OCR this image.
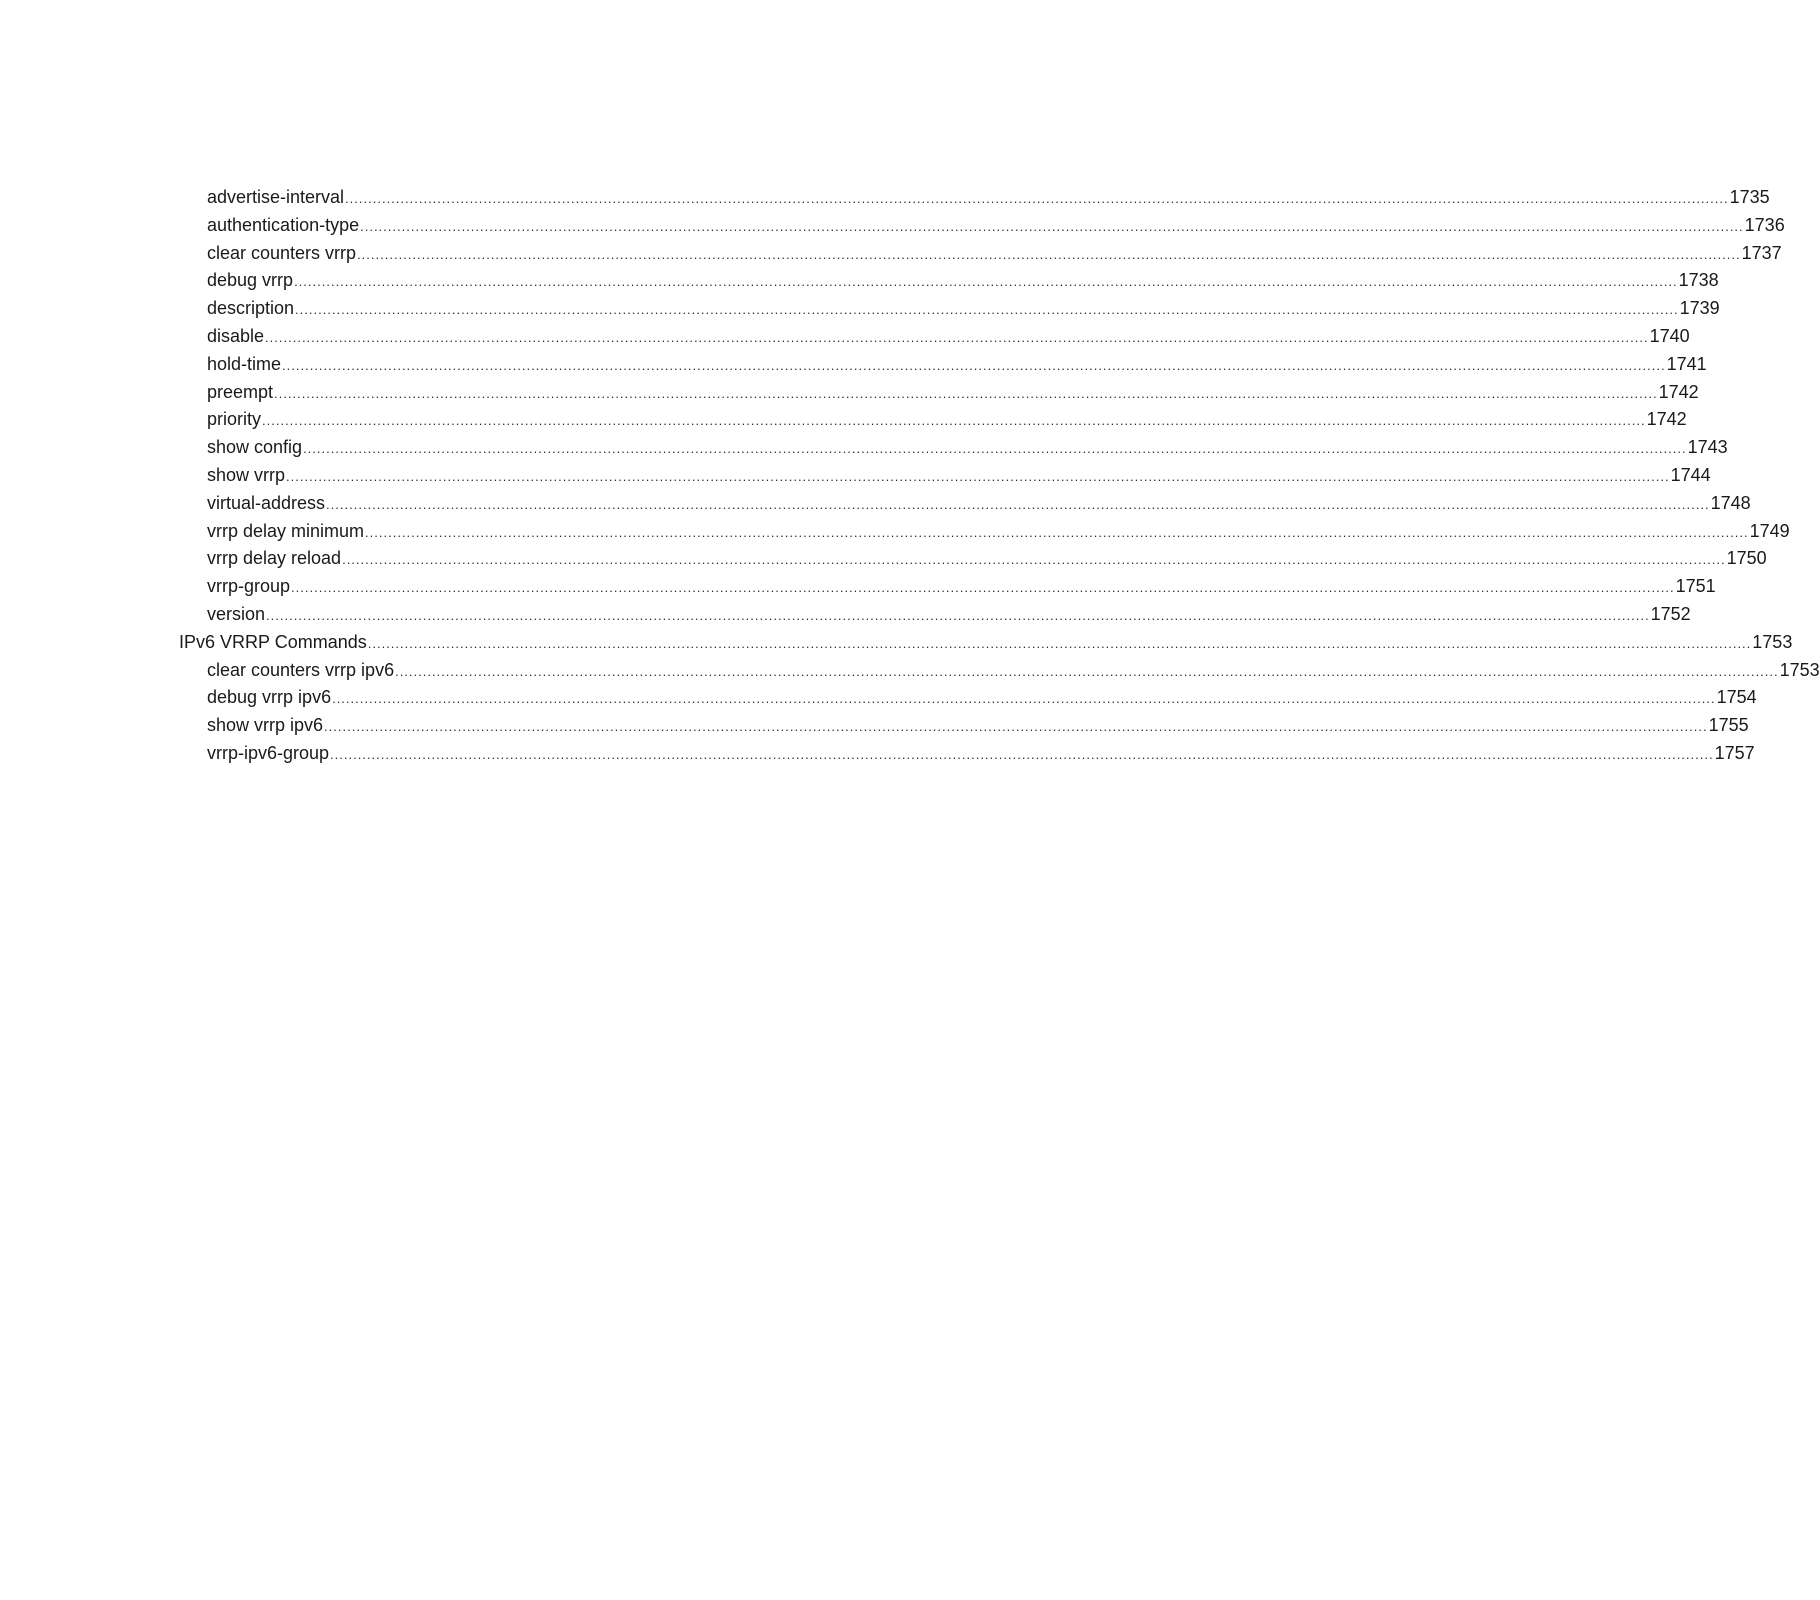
advertise-interval ............................................................................................................................................................................................................................................................................................................ 1735
authentication-type ............................................................................................................................................................................................................................................................................................................ 1736
clear counters vrrp ............................................................................................................................................................................................................................................................................................................ 1737
debug vrrp ............................................................................................................................................................................................................................................................................................................ 1738
description ............................................................................................................................................................................................................................................................................................................ 1739
disable ............................................................................................................................................................................................................................................................................................................ 1740
hold-time ............................................................................................................................................................................................................................................................................................................ 1741
preempt ............................................................................................................................................................................................................................................................................................................ 1742
priority ............................................................................................................................................................................................................................................................................................................ 1742
show config ............................................................................................................................................................................................................................................................................................................ 1743
show vrrp ............................................................................................................................................................................................................................................................................................................ 1744
virtual-address ............................................................................................................................................................................................................................................................................................................ 1748
vrrp delay minimum ............................................................................................................................................................................................................................................................................................................ 1749
vrrp delay reload ............................................................................................................................................................................................................................................................................................................ 1750
vrrp-group ............................................................................................................................................................................................................................................................................................................ 1751
version ............................................................................................................................................................................................................................................................................................................ 1752
IPv6 VRRP Commands ............................................................................................................................................................................................................................................................................................................ 1753
clear counters vrrp ipv6 ............................................................................................................................................................................................................................................................................................................ 1753
debug vrrp ipv6 ............................................................................................................................................................................................................................................................................................................ 1754
show vrrp ipv6 ............................................................................................................................................................................................................................................................................................................ 1755
vrrp-ipv6-group ............................................................................................................................................................................................................................................................................................................ 1757
